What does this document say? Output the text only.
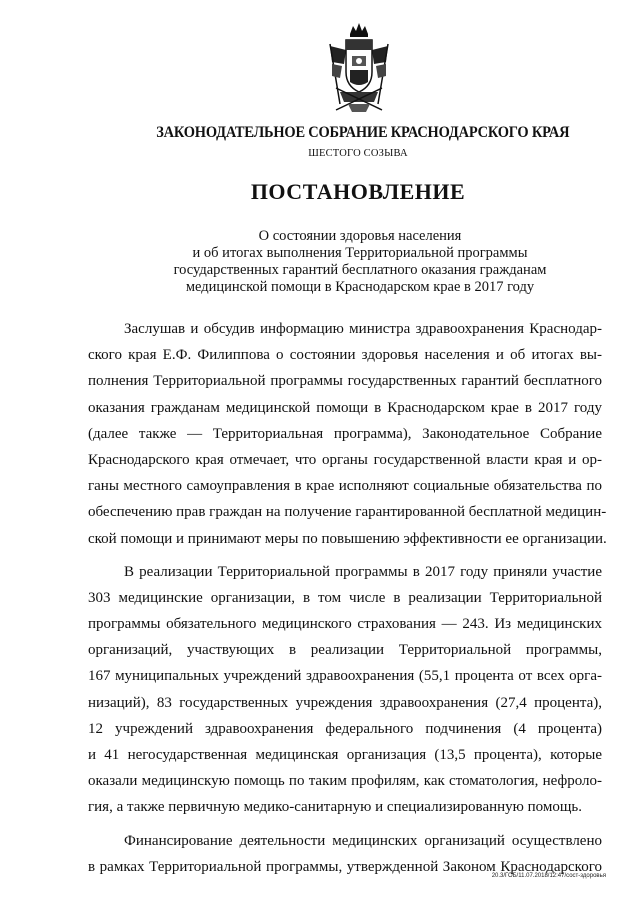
ЗАКОНОДАТЕЛЬНОЕ СОБРАНИЕ КРАСНОДАРСКОГО КРАЯ
ШЕСТОГО СОЗЫВА
ПОСТАНОВЛЕНИЕ
О состоянии здоровья населения
и об итогах выполнения Территориальной программы
государственных гарантий бесплатного оказания гражданам
медицинской помощи в Краснодарском крае в 2017 году
Заслушав и обсудив информацию министра здравоохранения Краснодар-
ского края Е.Ф. Филиппова о состоянии здоровья населения и об итогах вы-
полнения Территориальной программы государственных гарантий бесплатного
оказания гражданам медицинской помощи в Краснодарском крае в 2017 году
(далее также — Территориальная программа), Законодательное Собрание
Краснодарского края отмечает, что органы государственной власти края и ор-
ганы местного самоуправления в крае исполняют социальные обязательства по
обеспечению прав граждан на получение гарантированной бесплатной медицин-
ской помощи и принимают меры по повышению эффективности ее организации.
В реализации Территориальной программы в 2017 году приняли участие
303 медицинские организации, в том числе в реализации Территориальной
программы обязательного медицинского страхования — 243. Из медицинских
организаций, участвующих в реализации Территориальной программы,
167 муниципальных учреждений здравоохранения (55,1 процента от всех орга-
низаций), 83 государственных учреждения здравоохранения (27,4 процента),
12 учреждений здравоохранения федерального подчинения (4 процента)
и 41 негосударственная медицинская организация (13,5 процента), которые
оказали медицинскую помощь по таким профилям, как стоматология, нефроло-
гия, а также первичную медико-санитарную и специализированную помощь.
Финансирование деятельности медицинских организаций осуществлено
в рамках Территориальной программы, утвержденной Законом Краснодарского
20.3/ГОБ/11.07.2018/12:47/сост-здоровья
